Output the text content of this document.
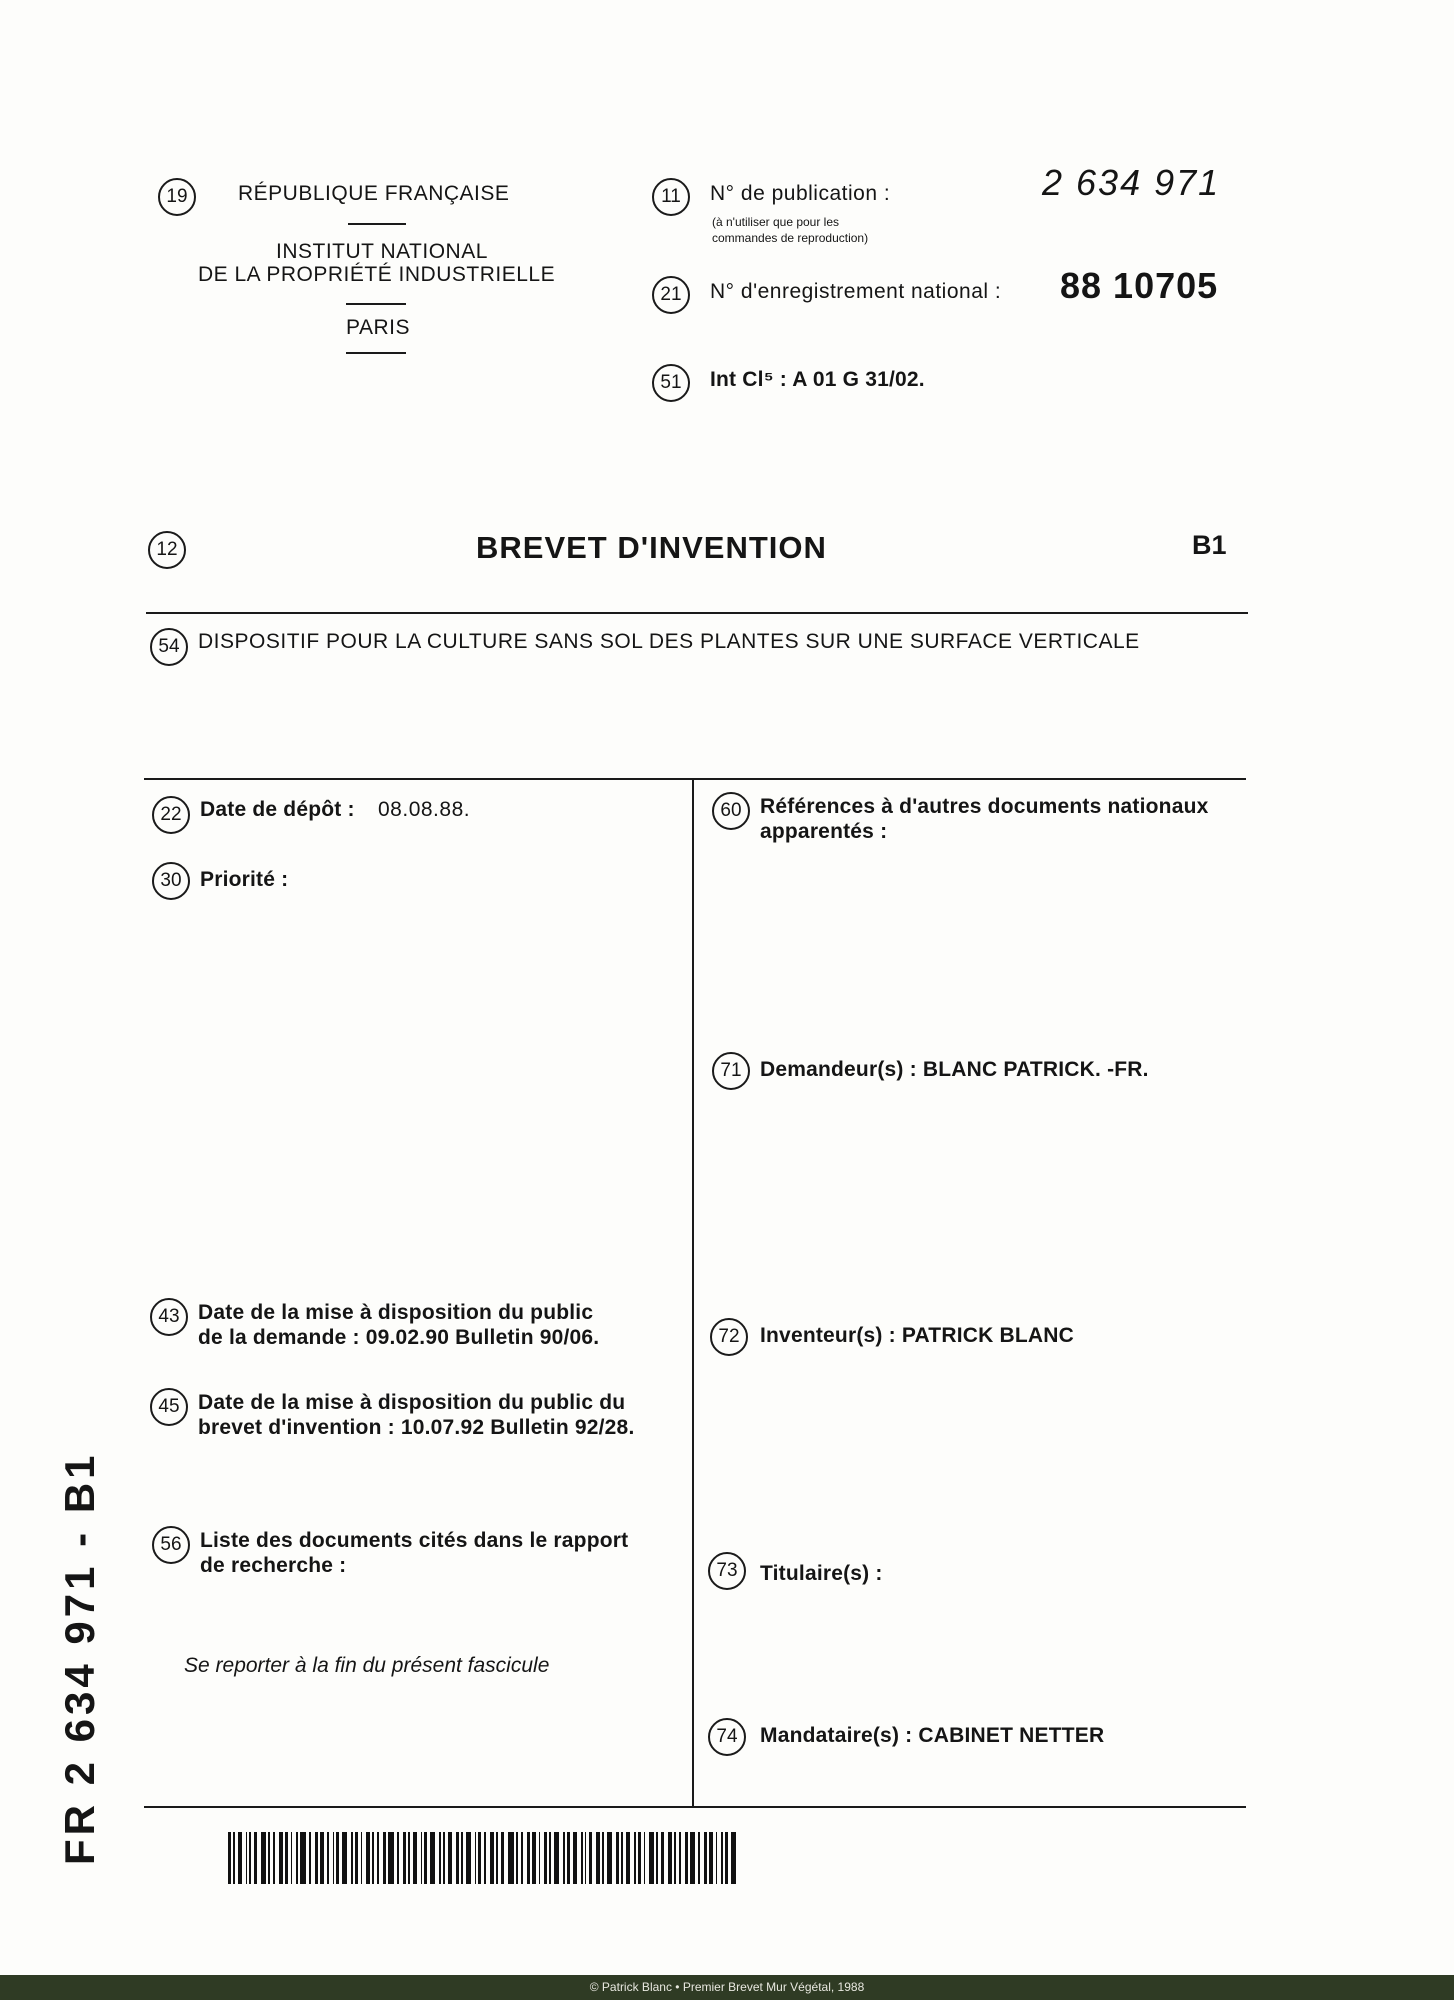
19	RÉPUBLIQUE FRANÇAISE
INSTITUT NATIONAL
DE LA PROPRIÉTÉ INDUSTRIELLE
PARIS
11	N° de publication :
(à n'utiliser que pour les
commandes de reproduction)
2 634 971
21	N° d'enregistrement national : 88 10705
51	Int Cl⁵ : A 01 G 31/02.
12	BREVET D'INVENTION	B1
54 DISPOSITIF POUR LA CULTURE SANS SOL DES PLANTES SUR UNE SURFACE VERTICALE
22 Date de dépôt : 08.08.88.
30 Priorité :
43 Date de la mise à disposition du public
de la demande : 09.02.90 Bulletin 90/06.
45 Date de la mise à disposition du public du
brevet d'invention : 10.07.92 Bulletin 92/28.
56 Liste des documents cités dans le rapport
de recherche :
Se reporter à la fin du présent fascicule
60 Références à d'autres documents nationaux
apparentés :
71 Demandeur(s) : BLANC PATRICK. -FR.
72 Inventeur(s) : PATRICK BLANC
73	Titulaire(s) :
74	Mandataire(s) : CABINET NETTER
FR 2 634 971 - B1
© Patrick Blanc • Premier Brevet Mur Végétal, 1988
